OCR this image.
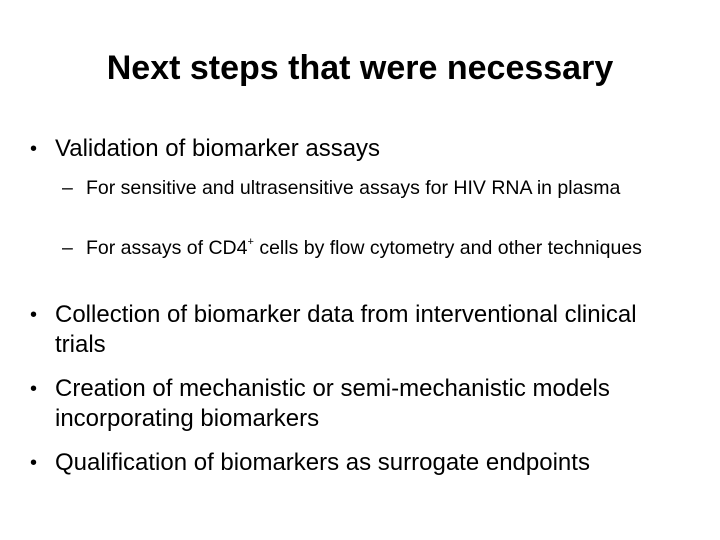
Next steps that were necessary
• Validation of biomarker assays
– For sensitive and ultrasensitive assays for HIV RNA in plasma
– For assays of CD4+ cells by flow cytometry and other techniques
• Collection of biomarker data from interventional clinical trials
• Creation of mechanistic or semi-mechanistic models incorporating biomarkers
• Qualification of biomarkers as surrogate endpoints
